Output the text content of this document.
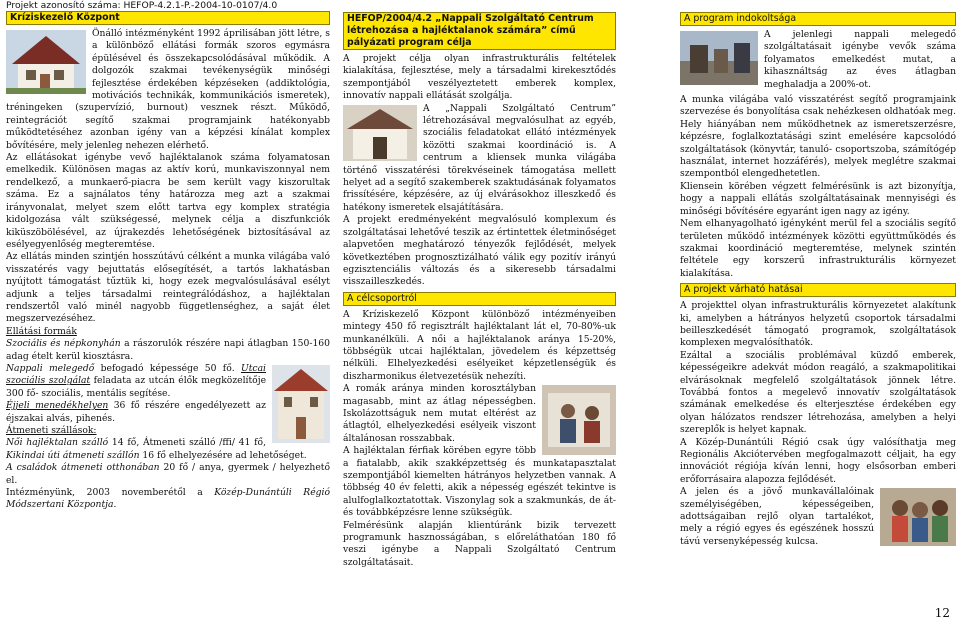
Projekt azonosító száma: HEFOP-4.2.1-P.-2004-10-0107/4.0

Kríziskezelő Központ

Önálló intézményként 1992 áprilisában jött létre, s a különböző ellátási formák szoros egymásra épülésével és összekapcsolódásával működik. A dolgozók szakmai tevékenységük minőségi fejlesztése érdekében képzéseken (addiktológia, motivációs technikák, kommunikációs ismeretek), tréningeken (szupervízió, burnout) vesznek részt. Működő, reintegrációt segítő szakmai programjaink hatékonyabb működtetéséhez azonban igény van a képzési kínálat komplex bővítésére, mely jelenleg nehezen elérhető.

Az ellátásokat igénybe vevő hajléktalanok száma folyamatosan emelkedik. Különösen magas az aktív korú, munkaviszonnyal nem rendelkező, a munkaerő-piacra be sem került vagy kiszorultak száma. Ez a sajnálatos tény határozza meg azt a szakmai irányvonalat, melyet szem előtt tartva egy komplex stratégia kidolgozása vált szükségessé, melynek célja a diszfunkciók kiküszöbölésével, az újrakezdés lehetőségének biztosításával az esélyegyenlőség megteremtése.

Az ellátás minden szintjén hosszútávú célként a munka világába való visszatérés vagy bejuttatás elősegítését, a tartós lakhatásban nyújtott támogatást tűztük ki, hogy ezek megvalósulásával esélyt adjunk a teljes társadalmi reintegrálódáshoz, a hajléktalan rendszertől való minél nagyobb függetlenséghez, a saját élet megszervezéséhez.

Ellátási formák

Szociális és népkonyhán a rászorulók részére napi átlagban 150-160 adag ételt kerül kiosztásra.

Nappali melegedő befogadó képessége 50 fő. Utcai szociális szolgálat feladata az utcán élők megközelítője 300 fő- szociális, mentális segítése.

Éjjeli menedékhelyen 36 fő részére engedélyezett az éjszakai alvás, pihenés.

Átmeneti szállások:

Női hajléktalan szálló 14 fő, Átmeneti szálló /ffi/ 41 fő, Kikindai úti átmeneti szállón 16 fő elhelyezésére ad lehetőséget.

A családok átmeneti otthonában 20 fő / anya, gyermek / helyezhető el.

Intézményünk, 2003 novemberétől a Közép-Dunántúli Régió Módszertani Központja.

HEFOP/2004/4.2 „Nappali Szolgáltató Centrum létrehozása a hajléktalanok számára” című pályázati program célja

A projekt célja olyan infrastrukturális feltételek kialakítása, fejlesztése, mely a társadalmi kirekesztődés szempontjából veszélyeztetett emberek komplex, innovatív nappali ellátását szolgálja.

A „Nappali Szolgáltató Centrum” létrehozásával megvalósulhat az egyéb, szociális feladatokat ellátó intézmények közötti szakmai koordináció is. A centrum a kliensek munka világába történő visszatérési törekvéseinek támogatása mellett helyet ad a segítő szakemberek szaktudásának folyamatos frissítésére, képzésére, az új elvárásokhoz illeszkedő és hatékony ismeretek elsajátítására.

A projekt eredményeként megvalósuló komplexum és szolgáltatásai lehetővé teszik az értintettek életminőséget alapvetően meghatározó tényezők fejlődését, melyek következtében prognosztizálható válik egy pozitív irányú egzisztenciális változás és a sikeresebb társadalmi visszailleszkedés.

A célcsoportról

A Kríziskezelő Központ különböző intézményeiben mintegy 450 fő regisztrált hajléktalant lát el, 70-80%-uk munkanélküli. A női a hajléktalanok aránya 15-20%, többségük utcai hajléktalan, jövedelem és képzettség nélküli. Elhelyezkedési esélyeiket képzetlenségük és diszharmonikus életvezetésük nehezíti.

A romák aránya minden korosztályban magasabb, mint az átlag népességben. Iskolázottságuk nem mutat eltérést az átlagtól, elhelyezkedési esélyeik viszont általánosan rosszabbak.

A hajléktalan férfiak körében egyre több a fiatalabb, akik szakképzettség és munkatapasztalat szempontjából kiemelten hátrányos helyzetben vannak. A többség 40 év feletti, akik a népesség egészét tekintve is alulfoglalkoztatottak. Viszonylag sok a szakmunkás, de át- és továbbképzésre lenne szükségük.

Felmérésünk alapján klientúránk bizik tervezett programunk hasznosságában, s előreláthatóan 180 fő veszi igénybe a Nappali Szolgáltató Centrum szolgáltatásait.

A program indokoltsága

A jelenlegi nappali melegedő szolgáltatásait igénybe vevők száma folyamatos emelkedést mutat, a kihasználtság az éves átlagban meghaladja a 200%-ot.

A munka világába való visszatérést segítő programjaink szervezése és bonyolítása csak nehézkesen oldhatóak meg. Hely hiányában nem működhetnek az ismeretszerzésre, képzésre, foglalkoztatásági szint emelésére kapcsolódó szolgáltatások (könyvtár, tanuló- csoportszoba, számítógép használat, internet hozzáférés), melyek meglétre szakmai szempontból elengedhetetlen.

Kliensein körében végzett felmérésünk is azt bizonyítja, hogy a nappali ellátás szolgáltatásainak mennyiségi és minőségi bővítésére egyaránt igen nagy az igény.

Nem elhanyagolható igényként merül fel a szociális segítő területen működő intézmények közötti együttműködés és szakmai koordináció megteremtése, melynek szintén feltétele egy korszerű infrastrukturális környezet kialakítása.

A projekt várható hatásai

A projekttel olyan infrastrukturális környezetet alakítunk ki, amelyben a hátrányos helyzetű csoportok társadalmi beilleszkedését támogató programok, szolgáltatások komplexen megvalósíthatók.

Ezáltal a szociális problémával küzdő emberek, képességeikre adekvát módon reagáló, a szakmapolitikai elvárásoknak megfelelő szolgáltatások jönnek létre. Továbbá fontos a megelevő innovatív szolgáltatások számának emelkedése és elterjesztése érdekében egy olyan hálózatos rendszer létrehozása, amelyben a helyi szereplők is helyet kapnak.

A Közép-Dunántúli Régió csak úgy valósíthatja meg Regionális Akciótervében megfogalmazott céljait, ha egy innovációt régiója kíván lenni, hogy elsősorban emberi erőforrásaira alapozza fejlődését.

A jelen és a jövő munkavállalóinak személyiségében, képességeiben, adottságaiban rejlő olyan tartalékot, mely a régió egyes és egészének hosszú távú versenyképesség kulcsa.

12
